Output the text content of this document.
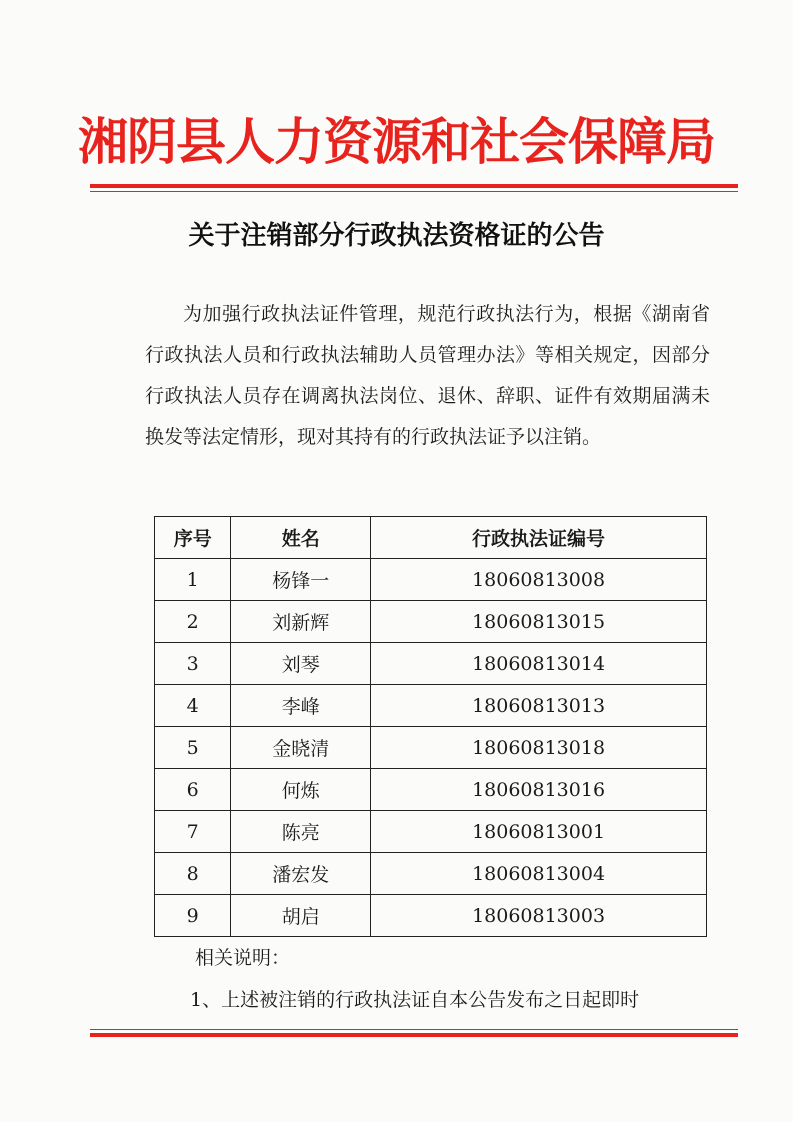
湘阴县人力资源和社会保障局
关于注销部分行政执法资格证的公告
为加强行政执法证件管理，规范行政执法行为，根据《湖南省行政执法人员和行政执法辅助人员管理办法》等相关规定，因部分行政执法人员存在调离执法岗位、退休、辞职、证件有效期届满未换发等法定情形，现对其持有的行政执法证予以注销。
序号	姓名	行政执法证编号
1	杨锋一	18060813008
2	刘新辉	18060813015
3	刘琴	18060813014
4	李峰	18060813013
5	金晓清	18060813018
6	何炼	18060813016
7	陈亮	18060813001
8	潘宏发	18060813004
9	胡启	18060813003
相关说明：
1、上述被注销的行政执法证自本公告发布之日起即时
